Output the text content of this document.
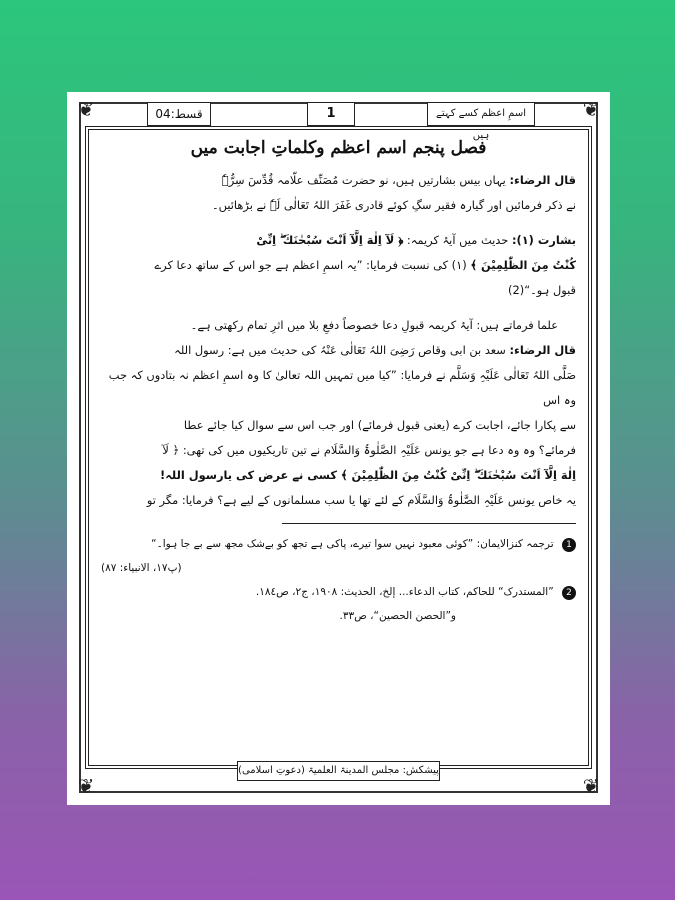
❦	❦
❦	❦
قسط:04	1	اسمِ اعظم کسے کہتے ہیں

فصل پنجم اسم اعظم وکلماتِ اجابت میں

قال الرضاء: یہاں بیس بشارتیں ہیں، نو حضرت مُصَنِّف علّامہ قُدِّسَ سِرُّہٗ

نے ذکر فرمائیں اور گیارہ فقیر سگِ کوئے قادری غَفَرَ اللہُ تَعَالٰی لَہٗ نے بڑھائیں۔

بشارت (۱): حدیث میں آیۂ کریمہ: ﴿ لَآ اِلٰهَ اِلَّآ اَنْتَ سُبْحٰنَكَ ۖ اِنِّىْ

كُنْتُ مِنَ الظّٰلِمِيْنَ ﴾ (۱) کی نسبت فرمایا: ”یہ اسمِ اعظم ہے جو اس کے ساتھ دعا کرے

قبول ہو۔“(2)

علما فرماتے ہیں: آیۂ کریمہ قبولِ دعا خصوصاً دفعِ بلا میں اثرِ تمام رکھتی ہے۔

قال الرضاء: سعد بن ابی وقاص رَضِیَ اللہُ تَعَالٰی عَنْہُ کی حدیث میں ہے: رسول اللہ

صَلَّی اللہُ تَعَالٰی عَلَیْہِ وَسَلَّم نے فرمایا: ”کیا میں تمہیں اللہ تعالیٰ کا وہ اسمِ اعظم نہ بتادوں کہ جب وہ اس

سے پکارا جائے، اجابت کرے (یعنی قبول فرمائے) اور جب اس سے سوال کیا جائے عطا

فرمائے؟ وہ وہ دعا ہے جو یونس عَلَیْہِ الصَّلٰوۃُ وَالسَّلَام نے تین تاریکیوں میں کی تھی: ﴿ لَآ

اِلٰهَ اِلَّآ اَنْتَ سُبْحٰنَكَ ۖ اِنِّىْ كُنْتُ مِنَ الظّٰلِمِيْنَ ﴾ کسی نے عرض کی یارسول اللہ!

یہ خاص یونس عَلَیْہِ الصَّلٰوۃُ وَالسَّلَام کے لئے تھا یا سب مسلمانوں کے لیے ہے؟ فرمایا: مگر تو

1 ترجمہ کنزالایمان: ”کوئی معبود نہیں سوا تیرے، پاکی ہے تجھ کو بےشک مجھ سے بے جا ہوا۔“

(پ۱۷، الانبیاء: ۸۷)

2 ”المستدرک“ للحاکم، کتاب الدعاء... إلخ، الحدیث: ۱۹۰۸، ج۲، ص۱۸٤.

و”الحصن الحصین“، ص۳۳.

پیشکش: مجلس المدینۃ العلمیۃ (دعوتِ اسلامی)
